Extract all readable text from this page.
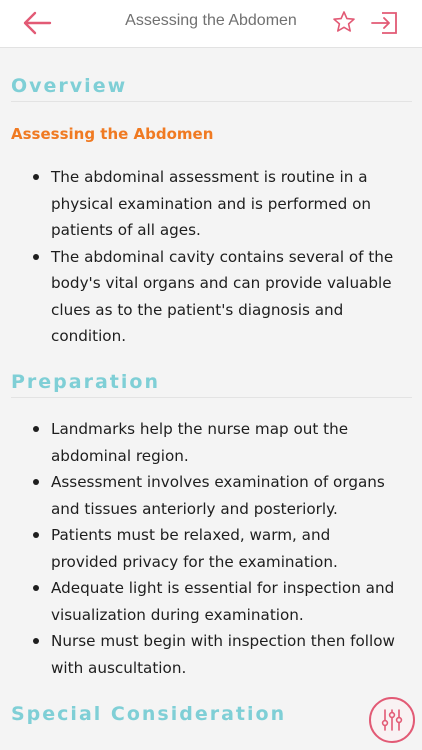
Assessing the Abdomen
Overview
Assessing the Abdomen
The abdominal assessment is routine in a physical examination and is performed on patients of all ages.
The abdominal cavity contains several of the body's vital organs and can provide valuable clues as to the patient's diagnosis and condition.
Preparation
Landmarks help the nurse map out the abdominal region.
Assessment involves examination of organs and tissues anteriorly and posteriorly.
Patients must be relaxed, warm, and provided privacy for the examination.
Adequate light is essential for inspection and visualization during examination.
Nurse must begin with inspection then follow with auscultation.
Special Consideration
